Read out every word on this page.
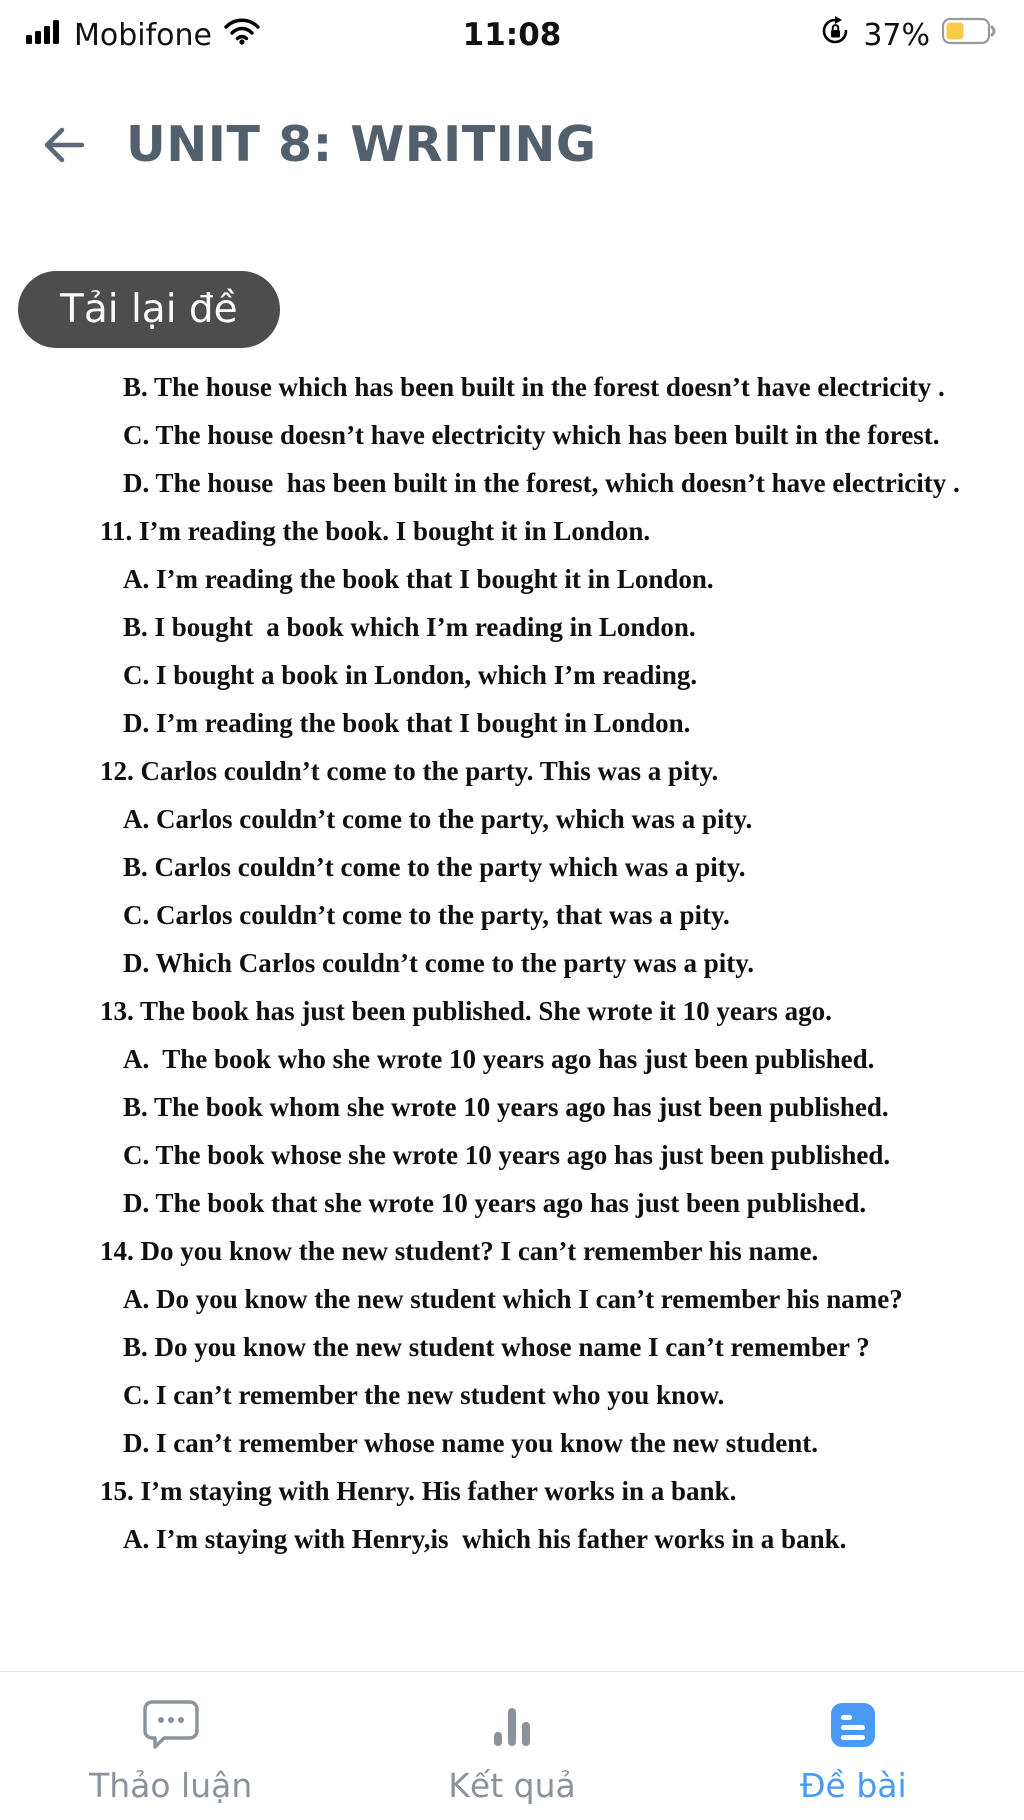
Mobifone	11:08	37%
UNIT 8: WRITING
Tải lại đề
B. The house which has been built in the forest doesn’t have electricity .
C. The house doesn’t have electricity which has been built in the forest.
D. The house  has been built in the forest, which doesn’t have electricity .
11. I’m reading the book. I bought it in London.
A. I’m reading the book that I bought it in London.
B. I bought  a book which I’m reading in London.
C. I bought a book in London, which I’m reading.
D. I’m reading the book that I bought in London.
12. Carlos couldn’t come to the party. This was a pity.
A. Carlos couldn’t come to the party, which was a pity.
B. Carlos couldn’t come to the party which was a pity.
C. Carlos couldn’t come to the party, that was a pity.
D. Which Carlos couldn’t come to the party was a pity.
13. The book has just been published. She wrote it 10 years ago.
A.  The book who she wrote 10 years ago has just been published.
B. The book whom she wrote 10 years ago has just been published.
C. The book whose she wrote 10 years ago has just been published.
D. The book that she wrote 10 years ago has just been published.
14. Do you know the new student? I can’t remember his name.
A. Do you know the new student which I can’t remember his name?
B. Do you know the new student whose name I can’t remember ?
C. I can’t remember the new student who you know.
D. I can’t remember whose name you know the new student.
15. I’m staying with Henry. His father works in a bank.
A. I’m staying with Henry,is  which his father works in a bank.
Thảo luận	Kết quả	Đề bài
